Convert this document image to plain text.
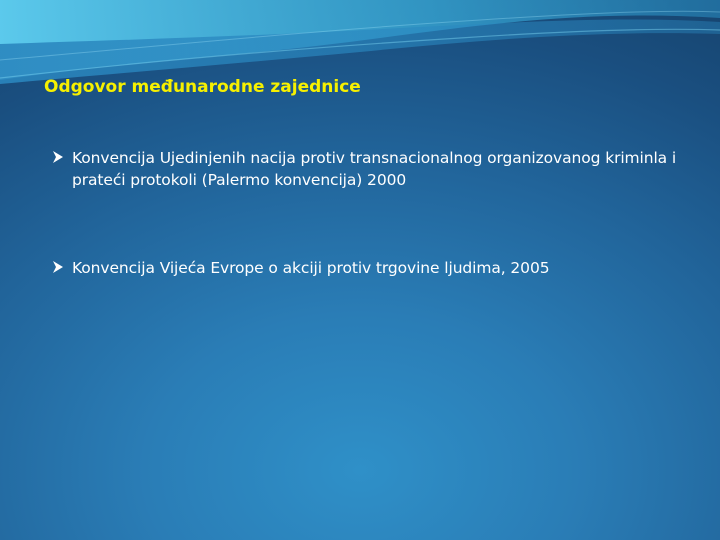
Odgovor međunarodne zajednice
Konvencija Ujedinjenih nacija protiv transnacionalnog organizovanog kriminla i prateći protokoli (Palermo konvencija) 2000
Konvencija Vijeća Evrope o akciji protiv trgovine ljudima, 2005
